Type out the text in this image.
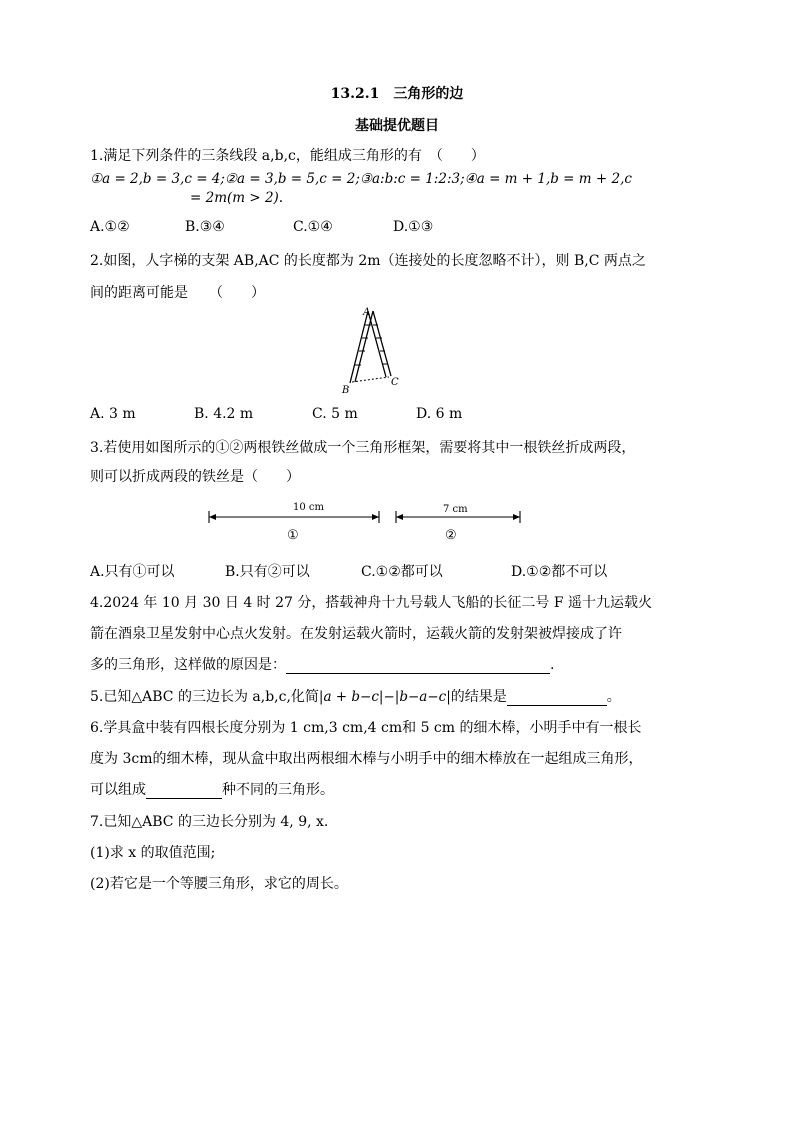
13.2.1　三角形的边
基础提优题目
1.满足下列条件的三条线段 a,b,c，能组成三角形的有　（　　）
①a = 2,b = 3,c = 4;②a = 3,b = 5,c = 2;③a:b:c = 1:2:3;④a = m + 1,b = m + 2,c
= 2m(m > 2).
A.①②	B.③④	C.①④	D.①③
2.如图，人字梯的支架 AB,AC 的长度都为 2m（连接处的长度忽略不计），则 B,C 两点之
间的距离可能是　　（　　）
A
B
C
A. 3 m	B. 4.2 m	C. 5 m	D. 6 m
3.若使用如图所示的①②两根铁丝做成一个三角形框架，需要将其中一根铁丝折成两段，
则可以折成两段的铁丝是（　　）
10 cm
①
7 cm
②
A.只有①可以	B.只有②可以	C.①②都可以	D.①②都不可以
4.2024 年 10 月 30 日 4 时 27 分，搭载神舟十九号载人飞船的长征二号 F 遥十九运载火
箭在酒泉卫星发射中心点火发射。在发射运载火箭时，运载火箭的发射架被焊接成了许
多的三角形，这样做的原因是：	.
5.已知△ABC 的三边长为 a,b,c,化简|a + b−c|−|b−a−c|的结果是	。
6.学具盒中装有四根长度分别为 1 cm,3 cm,4 cm和 5 cm 的细木棒，小明手中有一根长
度为 3cm的细木棒，现从盒中取出两根细木棒与小明手中的细木棒放在一起组成三角形，
可以组成	种不同的三角形。
7.已知△ABC 的三边长分别为 4, 9, x.
(1)求 x 的取值范围;
(2)若它是一个等腰三角形，求它的周长。
